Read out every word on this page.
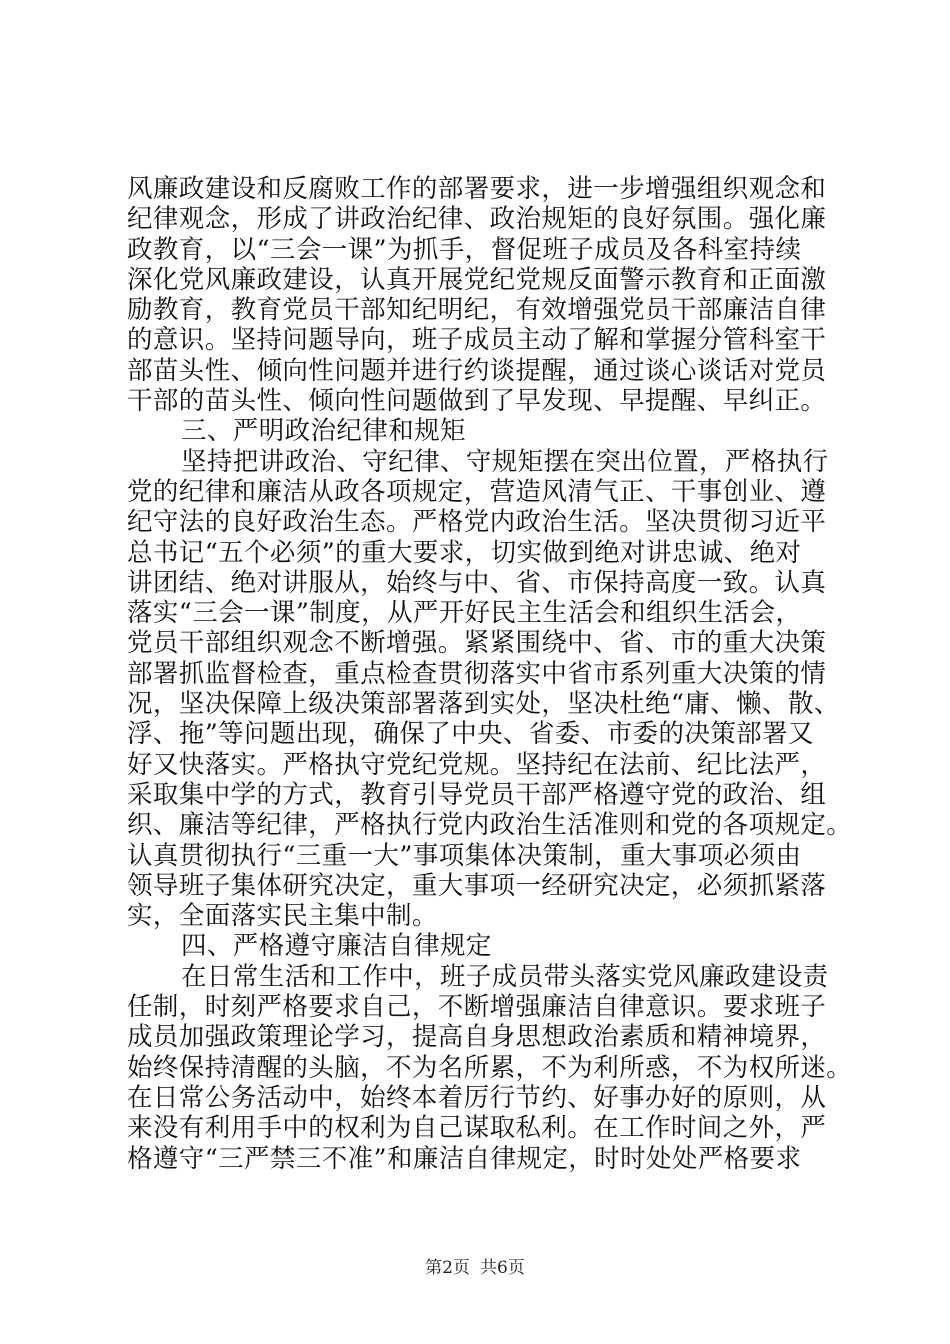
风廉政建设和反腐败工作的部署要求，进一步增强组织观念和
纪律观念，形成了讲政治纪律、政治规矩的良好氛围。强化廉
政教育，以“三会一课”为抓手，督促班子成员及各科室持续
深化党风廉政建设，认真开展党纪党规反面警示教育和正面激
励教育，教育党员干部知纪明纪，有效增强党员干部廉洁自律
的意识。坚持问题导向，班子成员主动了解和掌握分管科室干
部苗头性、倾向性问题并进行约谈提醒，通过谈心谈话对党员
干部的苗头性、倾向性问题做到了早发现、早提醒、早纠正。
三、严明政治纪律和规矩
坚持把讲政治、守纪律、守规矩摆在突出位置，严格执行
党的纪律和廉洁从政各项规定，营造风清气正、干事创业、遵
纪守法的良好政治生态。严格党内政治生活。坚决贯彻习近平
总书记“五个必须”的重大要求，切实做到绝对讲忠诚、绝对
讲团结、绝对讲服从，始终与中、省、市保持高度一致。认真
落实“三会一课”制度，从严开好民主生活会和组织生活会，
党员干部组织观念不断增强。紧紧围绕中、省、市的重大决策
部署抓监督检查，重点检查贯彻落实中省市系列重大决策的情
况，坚决保障上级决策部署落到实处，坚决杜绝“庸、懒、散、
浮、拖”等问题出现，确保了中央、省委、市委的决策部署又
好又快落实。严格执守党纪党规。坚持纪在法前、纪比法严，
采取集中学的方式，教育引导党员干部严格遵守党的政治、组
织、廉洁等纪律，严格执行党内政治生活准则和党的各项规定。
认真贯彻执行“三重一大”事项集体决策制，重大事项必须由
领导班子集体研究决定，重大事项一经研究决定，必须抓紧落
实，全面落实民主集中制。
四、严格遵守廉洁自律规定
在日常生活和工作中，班子成员带头落实党风廉政建设责
任制，时刻严格要求自己，不断增强廉洁自律意识。要求班子
成员加强政策理论学习，提高自身思想政治素质和精神境界，
始终保持清醒的头脑，不为名所累，不为利所惑，不为权所迷。
在日常公务活动中，始终本着厉行节约、好事办好的原则，从
来没有利用手中的权利为自己谋取私利。在工作时间之外，严
格遵守“三严禁三不准”和廉洁自律规定，时时处处严格要求
第2页 共6页
